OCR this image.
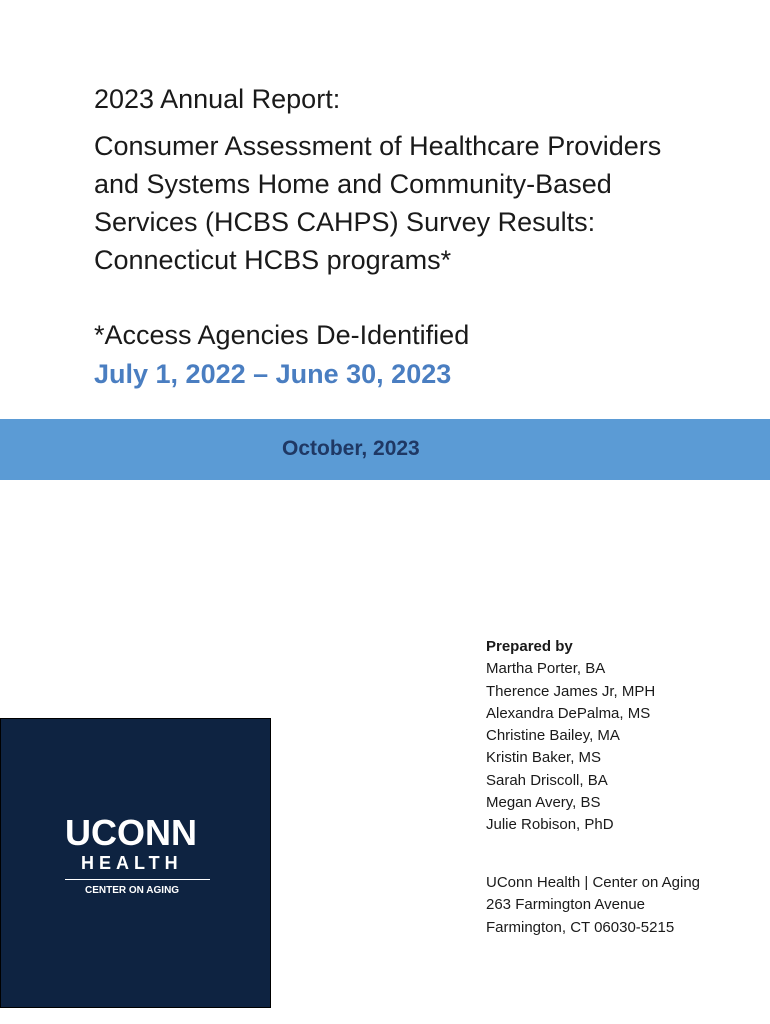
2023 Annual Report:
Consumer Assessment of Healthcare Providers
and Systems Home and Community-Based
Services (HCBS CAHPS) Survey Results:
Connecticut HCBS programs*
*Access Agencies De-Identified
July 1, 2022 – June 30, 2023
October, 2023
UCONN
HEALTH
CENTER ON AGING
Prepared by
Martha Porter, BA
Therence James Jr, MPH
Alexandra DePalma, MS
Christine Bailey, MA
Kristin Baker, MS
Sarah Driscoll, BA
Megan Avery, BS
Julie Robison, PhD
UConn Health | Center on Aging
263 Farmington Avenue
Farmington, CT 06030-5215
